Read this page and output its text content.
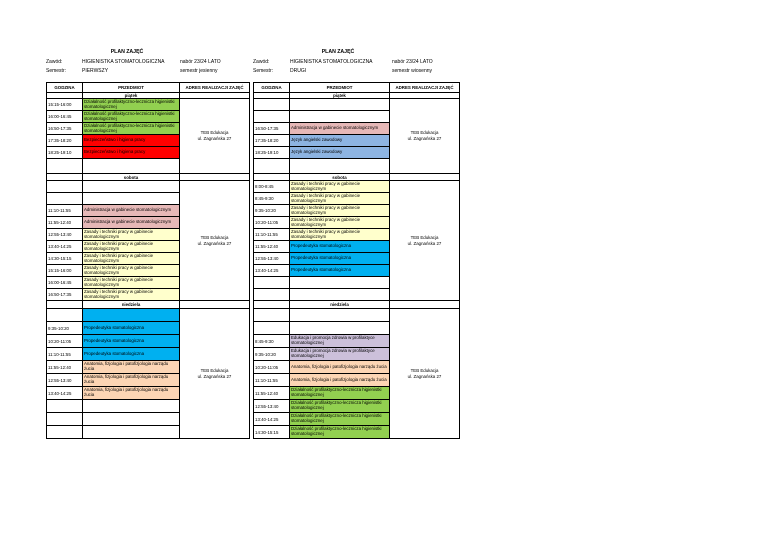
PLAN ZAJĘĆ
Zawód:	HIGIENISTKA STOMATOLOGICZNA	nabór 23/24 LATO
Semestr:	PIERWSZY	semestr jesienny
GODZINA	PRZEDMIOT	ADRES REALIZACJI ZAJĘĆ
	piątek	
15:15-16:00	Działalność profilaktyczno-lecznicza higienistki stomatologicznej	TEB Edukacja
ul. Zagnańska 27
16:00-16:45	Działalność profilaktyczno-lecznicza higienistki stomatologicznej	
16:50-17:35	Działalność profilaktyczno-lecznicza higienistki stomatologicznej	
17:35-18:20	Bezpieczeństwo i higiena pracy	
18:25-19:10	Bezpieczeństwo i higiena pracy	

	sobota	
		TEB Edukacja
ul. Zagnańska 27

11:10-11:55	Administracja w gabinecie stomatologicznym	
11:55-12:40	Administracja w gabinecie stomatologicznym	
12:55-13:40	Zasady i techniki pracy w gabinecie stomatologicznym	
13:40-14:25	Zasady i techniki pracy w gabinecie stomatologicznym	
14:30-15:15	Zasady i techniki pracy w gabinecie stomatologicznym	
15:15-16:00	Zasady i techniki pracy w gabinecie stomatologicznym	
16:00-16:45	Zasady i techniki pracy w gabinecie stomatologicznym	
16:50-17:35	Zasady i techniki pracy w gabinecie stomatologicznym	
	niedziela	
		TEB Edukacja
ul. Zagnańska 27
9:35-10:20	Propedeutyka stomatologiczna	
10:20-11:05	Propedeutyka stomatologiczna	
11:10-11:55	Propedeutyka stomatologiczna	
11:55-12:40	Anatomia, fizjologia i patofizjologia narządu żucia	
12:55-13:40	Anatomia, fizjologia i patofizjologia narządu żucia	
13:40-14:25	Anatomia, fizjologia i patofizjologia narządu żucia	

PLAN ZAJĘĆ
Zawód:	HIGIENISTKA STOMATOLOGICZNA	nabór 23/24 LATO
Semestr:	DRUGI	semestr wiosenny
GODZINA	PRZEDMIOT	ADRES REALIZACJI ZAJĘĆ
	piątek	
		TEB Edukacja
ul. Zagnańska 27

16:50-17:35	Administracja w gabinecie stomatologicznym	
17:35-18:20	Język angielski zawodowy	
18:25-19:10	Język angielski zawodowy	

	sobota	
8:00-8:45	Zasady i techniki pracy w gabinecie stomatologicznym	TEB Edukacja
ul. Zagnańska 27
8:45-9:30	Zasady i techniki pracy w gabinecie stomatologicznym	
9:35-10:20	Zasady i techniki pracy w gabinecie stomatologicznym	
10:20-11:05	Zasady i techniki pracy w gabinecie stomatologicznym	
11:10-11:55	Zasady i techniki pracy w gabinecie stomatologicznym	
11:55-12:40	Propedeutyka stomatologiczna	
12:55-13:40	Propedeutyka stomatologiczna	
13:40-14:25	Propedeutyka stomatologiczna	

	niedziela	
		TEB Edukacja
ul. Zagnańska 27

8:45-9:30	Edukacja i promocja zdrowia w profilaktyce stomatologicznej	
9:35-10:20	Edukacja i promocja zdrowia w profilaktyce stomatologicznej	
10:20-11:05	Anatomia, fizjologia i patofizjologia narządu żucia	
11:10-11:55	Anatomia, fizjologia i patofizjologia narządu żucia	
11:55-12:40	Działalność profilaktyczno-lecznicza higienistki stomatologicznej	
12:55-13:40	Działalność profilaktyczno-lecznicza higienistki stomatologicznej	
13:40-14:25	Działalność profilaktyczno-lecznicza higienistki stomatologicznej	
14:30-15:15	Działalność profilaktyczno-lecznicza higienistki stomatologicznej	
